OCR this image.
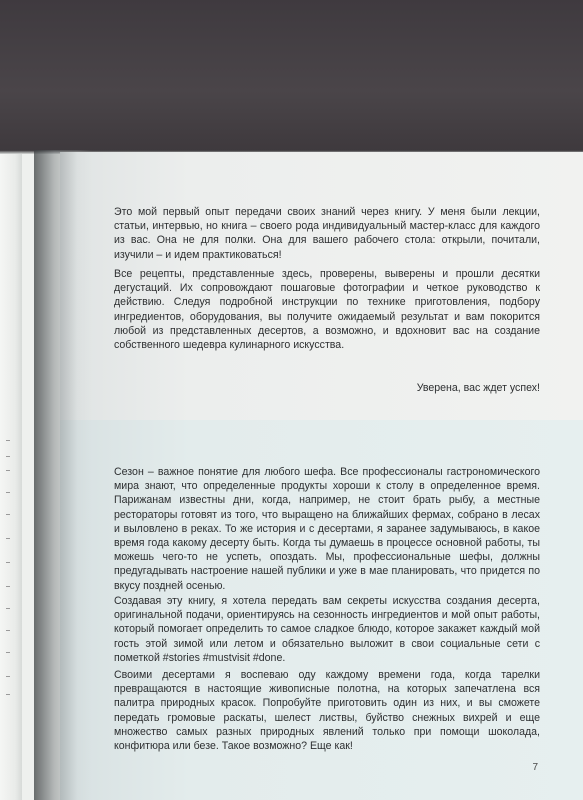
Это мой первый опыт передачи своих знаний через книгу. У меня были лекции, статьи, интервью, но книга – своего рода индивидуальный мастер-класс для каждого из вас. Она не для полки. Она для вашего рабочего стола: открыли, почитали, изучили – и идем практиковаться!

Все рецепты, представленные здесь, проверены, выверены и прошли десятки дегустаций. Их сопровождают пошаговые фотографии и четкое руководство к действию. Следуя подробной инструкции по технике приготовления, подбору ингредиентов, оборудования, вы получите ожидаемый результат и вам покорится любой из представленных десертов, а возможно, и вдохновит вас на создание собственного шедевра кулинарного искусства.

Уверена, вас ждет успех!

Сезон – важное понятие для любого шефа. Все профессионалы гастрономического мира знают, что определенные продукты хороши к столу в определенное время. Парижанам известны дни, когда, например, не стоит брать рыбу, а местные рестораторы готовят из того, что выращено на ближайших фермах, собрано в лесах и выловлено в реках. То же история и с десертами, я заранее задумываюсь, в какое время года какому десерту быть. Когда ты думаешь в процессе основной работы, ты можешь чего-то не успеть, опоздать. Мы, профессиональные шефы, должны предугадывать настроение нашей публики и уже в мае планировать, что придется по вкусу поздней осенью.

Создавая эту книгу, я хотела передать вам секреты искусства создания десерта, оригинальной подачи, ориентируясь на сезонность ингредиентов и мой опыт работы, который помогает определить то самое сладкое блюдо, которое закажет каждый мой гость этой зимой или летом и обязательно выложит в свои социальные сети с пометкой #stories #mustvisit #done.

Своими десертами я воспеваю оду каждому времени года, когда тарелки превращаются в настоящие живописные полотна, на которых запечатлена вся палитра природных красок. Попробуйте приготовить один из них, и вы сможете передать громовые раскаты, шелест листвы, буйство снежных вихрей и еще множество самых разных природных явлений только при помощи шоколада, конфитюра или безе. Такое возможно? Еще как!

7
